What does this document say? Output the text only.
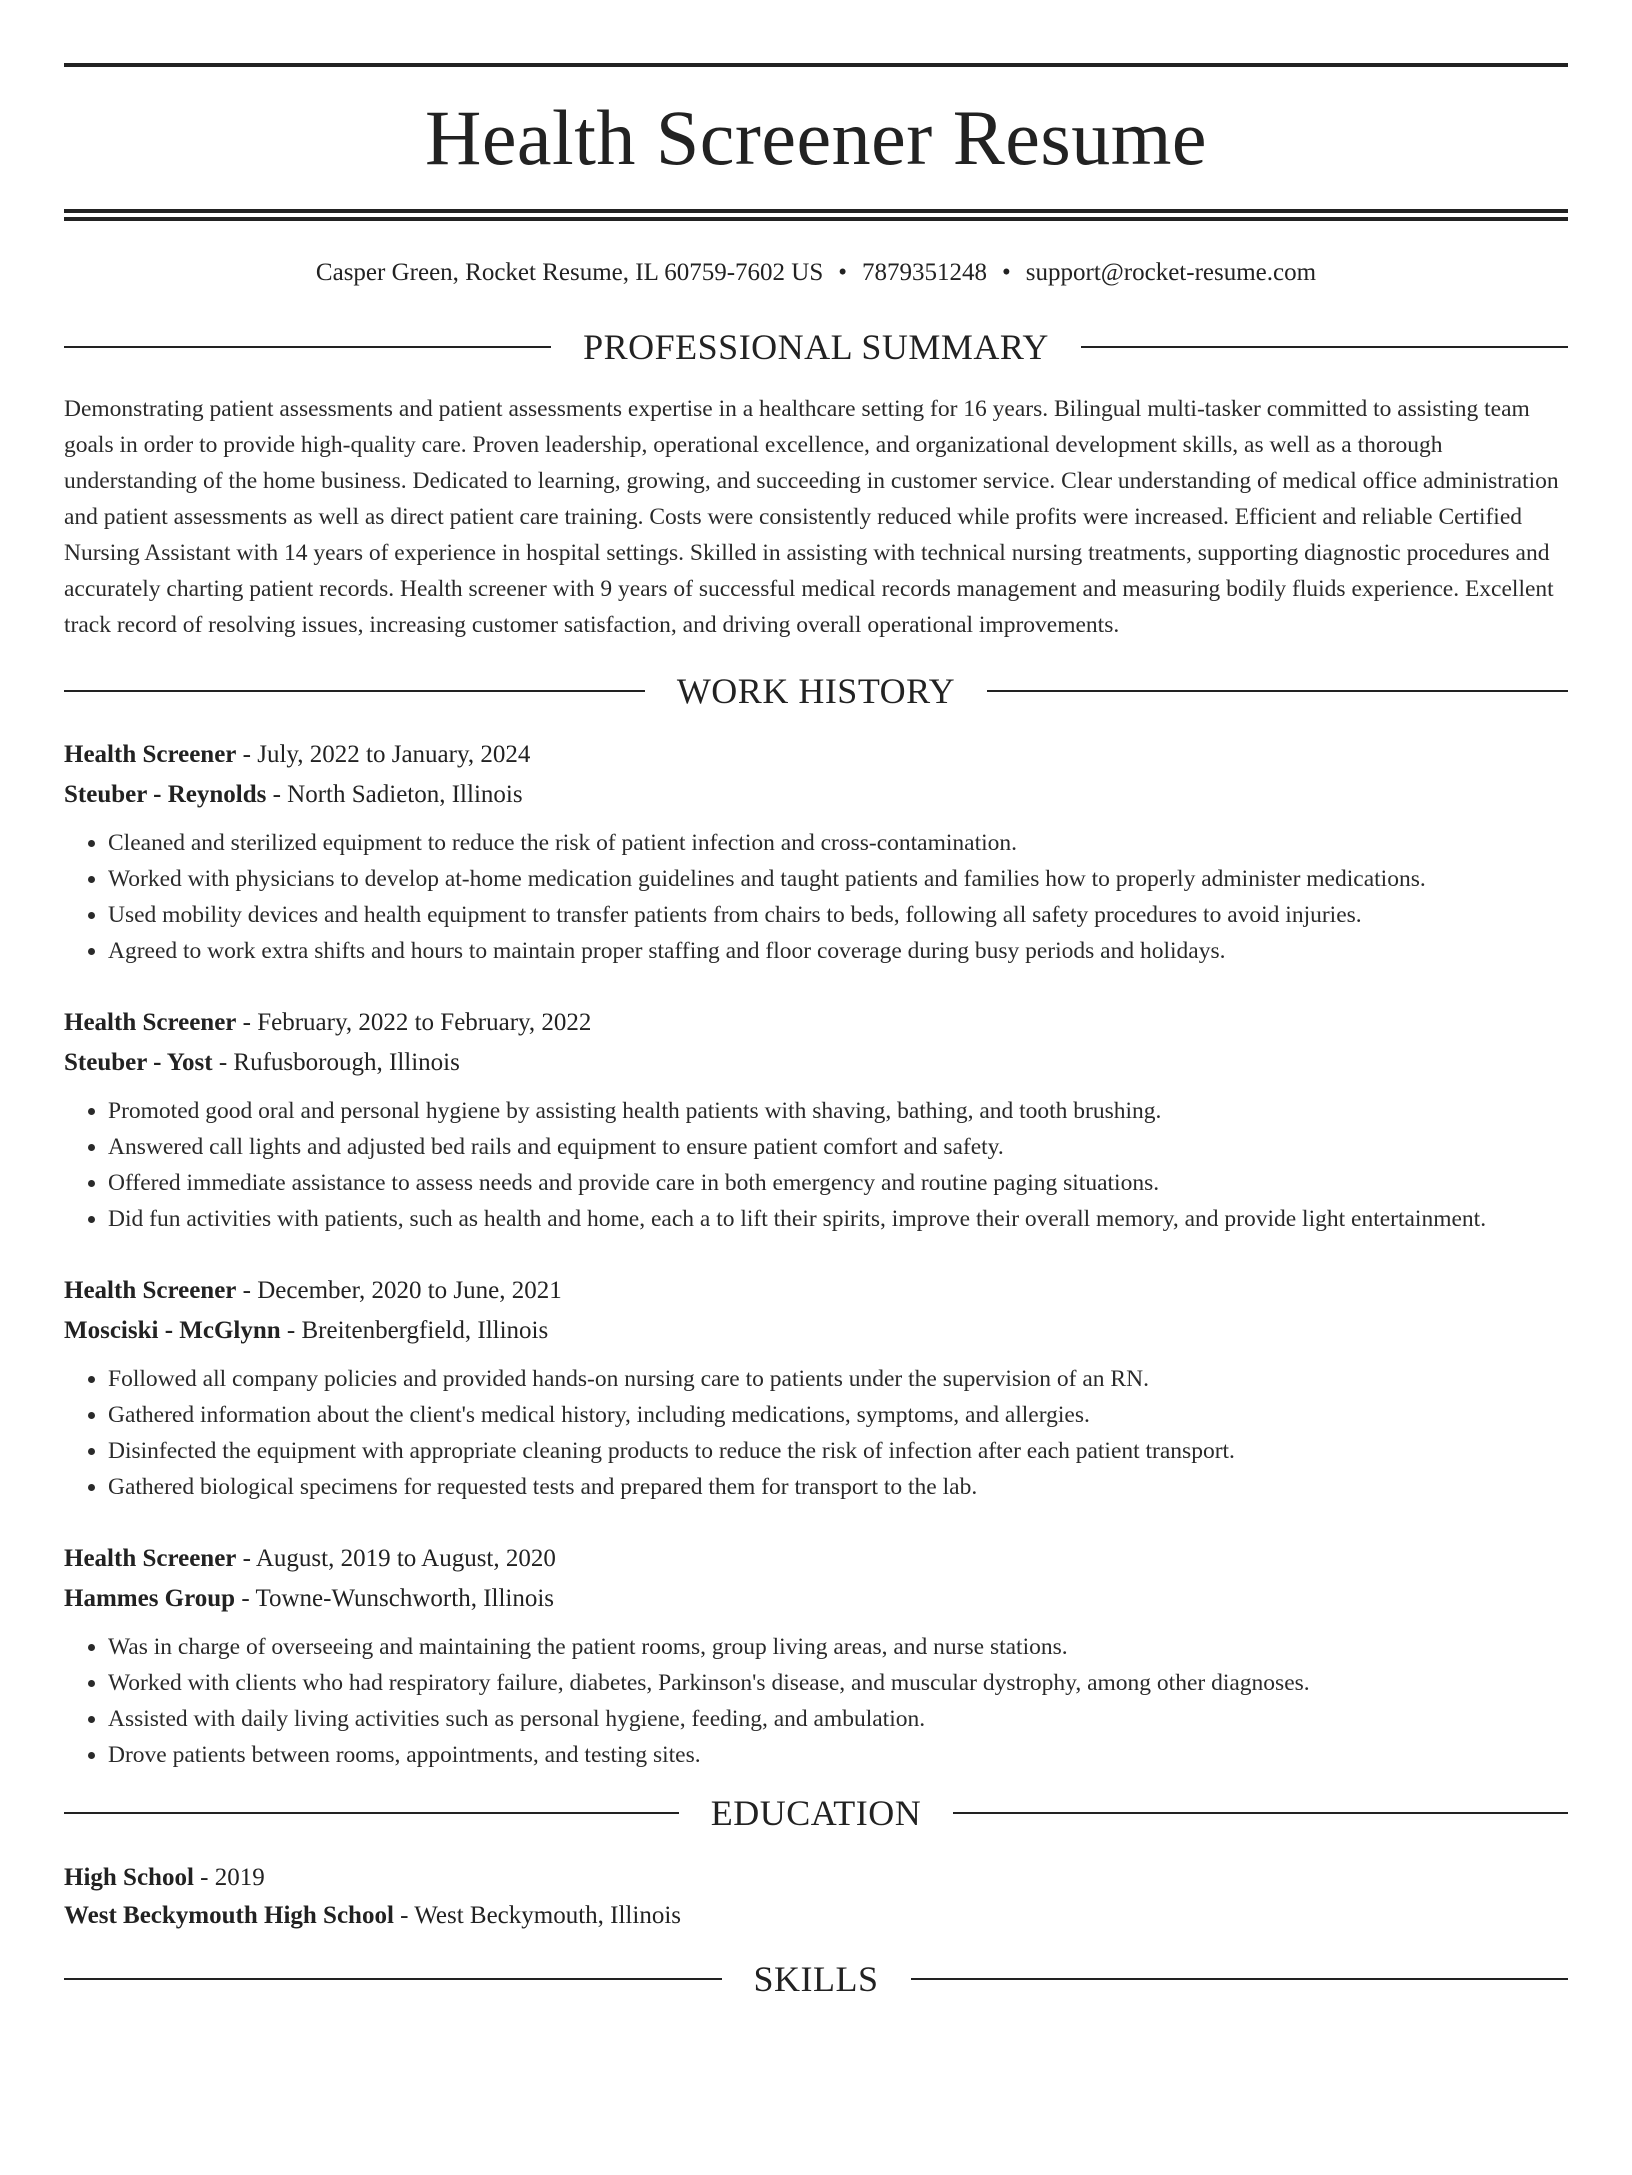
Health Screener Resume
Casper Green, Rocket Resume, IL 60759-7602 US • 7879351248 • support@rocket-resume.com
PROFESSIONAL SUMMARY
Demonstrating patient assessments and patient assessments expertise in a healthcare setting for 16 years. Bilingual multi-tasker committed to assisting team goals in order to provide high-quality care. Proven leadership, operational excellence, and organizational development skills, as well as a thorough understanding of the home business. Dedicated to learning, growing, and succeeding in customer service. Clear understanding of medical office administration and patient assessments as well as direct patient care training. Costs were consistently reduced while profits were increased. Efficient and reliable Certified Nursing Assistant with 14 years of experience in hospital settings. Skilled in assisting with technical nursing treatments, supporting diagnostic procedures and accurately charting patient records. Health screener with 9 years of successful medical records management and measuring bodily fluids experience. Excellent track record of resolving issues, increasing customer satisfaction, and driving overall operational improvements.
WORK HISTORY
Health Screener - July, 2022 to January, 2024
Steuber - Reynolds - North Sadieton, Illinois
• Cleaned and sterilized equipment to reduce the risk of patient infection and cross-contamination.
• Worked with physicians to develop at-home medication guidelines and taught patients and families how to properly administer medications.
• Used mobility devices and health equipment to transfer patients from chairs to beds, following all safety procedures to avoid injuries.
• Agreed to work extra shifts and hours to maintain proper staffing and floor coverage during busy periods and holidays.
Health Screener - February, 2022 to February, 2022
Steuber - Yost - Rufusborough, Illinois
• Promoted good oral and personal hygiene by assisting health patients with shaving, bathing, and tooth brushing.
• Answered call lights and adjusted bed rails and equipment to ensure patient comfort and safety.
• Offered immediate assistance to assess needs and provide care in both emergency and routine paging situations.
• Did fun activities with patients, such as health and home, each a to lift their spirits, improve their overall memory, and provide light entertainment.
Health Screener - December, 2020 to June, 2021
Mosciski - McGlynn - Breitenbergfield, Illinois
• Followed all company policies and provided hands-on nursing care to patients under the supervision of an RN.
• Gathered information about the client's medical history, including medications, symptoms, and allergies.
• Disinfected the equipment with appropriate cleaning products to reduce the risk of infection after each patient transport.
• Gathered biological specimens for requested tests and prepared them for transport to the lab.
Health Screener - August, 2019 to August, 2020
Hammes Group - Towne-Wunschworth, Illinois
• Was in charge of overseeing and maintaining the patient rooms, group living areas, and nurse stations.
• Worked with clients who had respiratory failure, diabetes, Parkinson's disease, and muscular dystrophy, among other diagnoses.
• Assisted with daily living activities such as personal hygiene, feeding, and ambulation.
• Drove patients between rooms, appointments, and testing sites.
EDUCATION
High School - 2019
West Beckymouth High School - West Beckymouth, Illinois
SKILLS
